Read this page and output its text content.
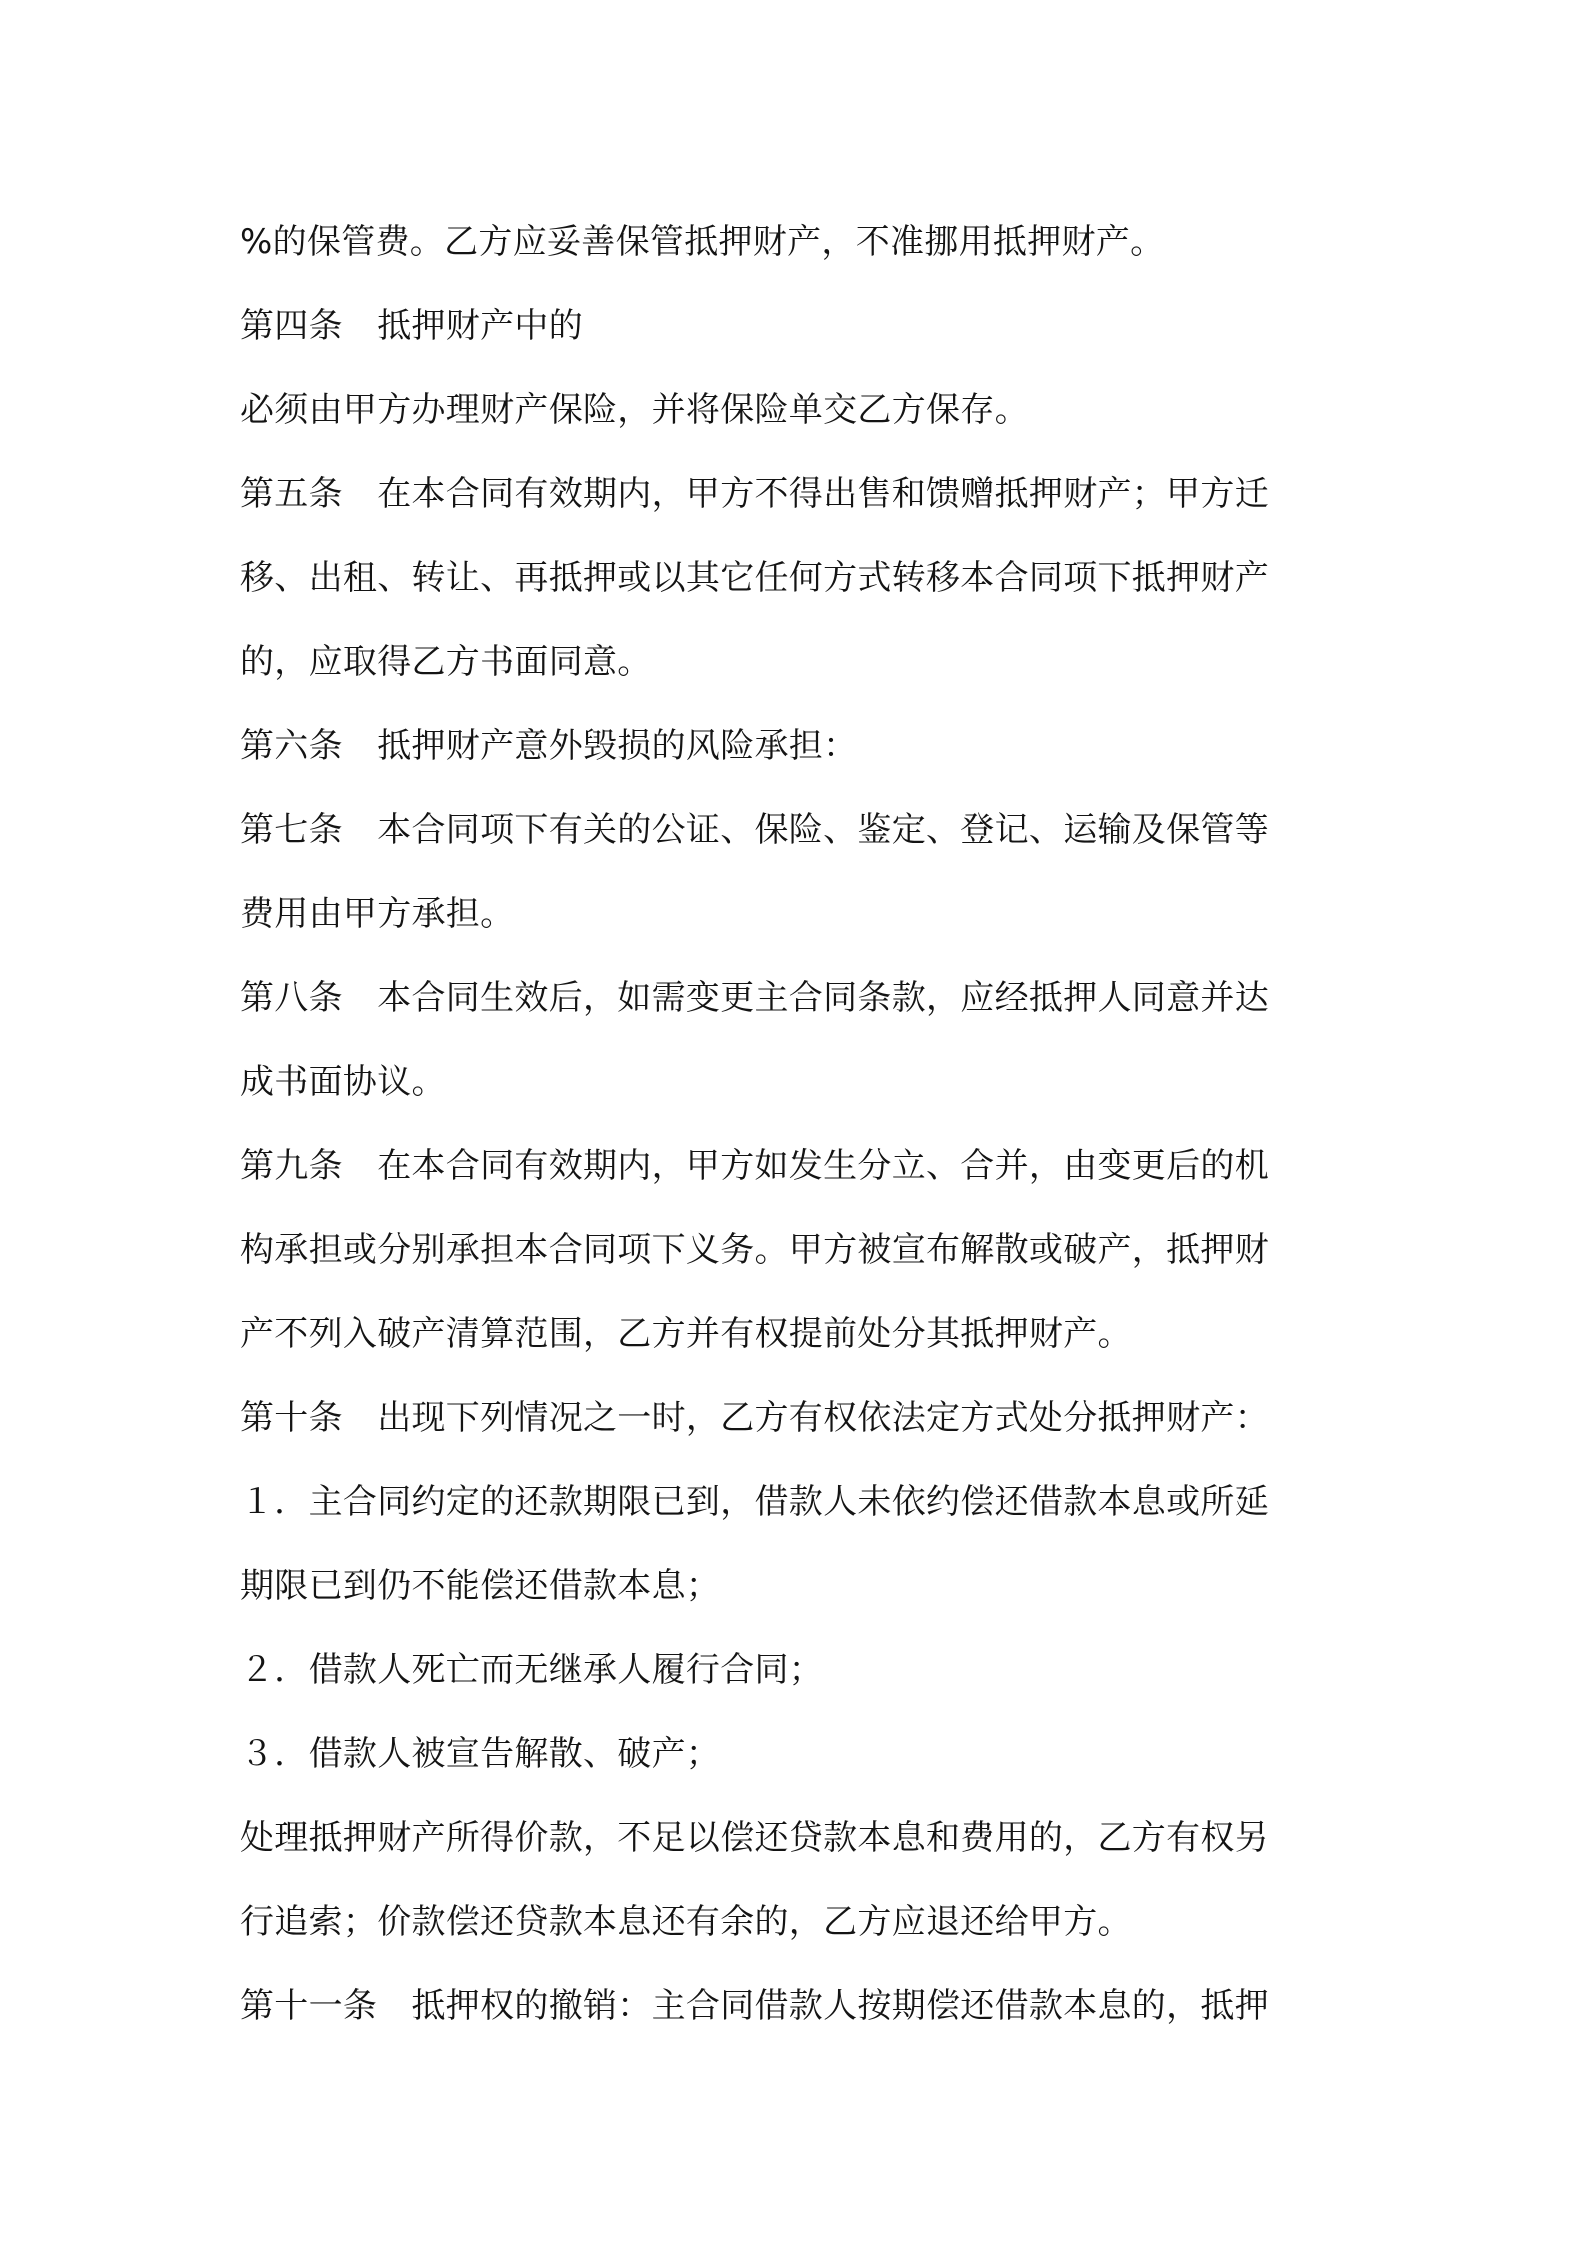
%的保管费。乙方应妥善保管抵押财产，不准挪用抵押财产。
第四条　抵押财产中的
必须由甲方办理财产保险，并将保险单交乙方保存。
第五条　在本合同有效期内，甲方不得出售和馈赠抵押财产；甲方迁
移、出租、转让、再抵押或以其它任何方式转移本合同项下抵押财产
的，应取得乙方书面同意。
第六条　抵押财产意外毁损的风险承担：
第七条　本合同项下有关的公证、保险、鉴定、登记、运输及保管等
费用由甲方承担。
第八条　本合同生效后，如需变更主合同条款，应经抵押人同意并达
成书面协议。
第九条　在本合同有效期内，甲方如发生分立、合并，由变更后的机
构承担或分别承担本合同项下义务。甲方被宣布解散或破产，抵押财
产不列入破产清算范围，乙方并有权提前处分其抵押财产。
第十条　出现下列情况之一时，乙方有权依法定方式处分抵押财产：
１．主合同约定的还款期限已到，借款人未依约偿还借款本息或所延
期限已到仍不能偿还借款本息；
２．借款人死亡而无继承人履行合同；
３．借款人被宣告解散、破产；
处理抵押财产所得价款，不足以偿还贷款本息和费用的，乙方有权另
行追索；价款偿还贷款本息还有余的，乙方应退还给甲方。
第十一条　抵押权的撤销：主合同借款人按期偿还借款本息的，抵押
